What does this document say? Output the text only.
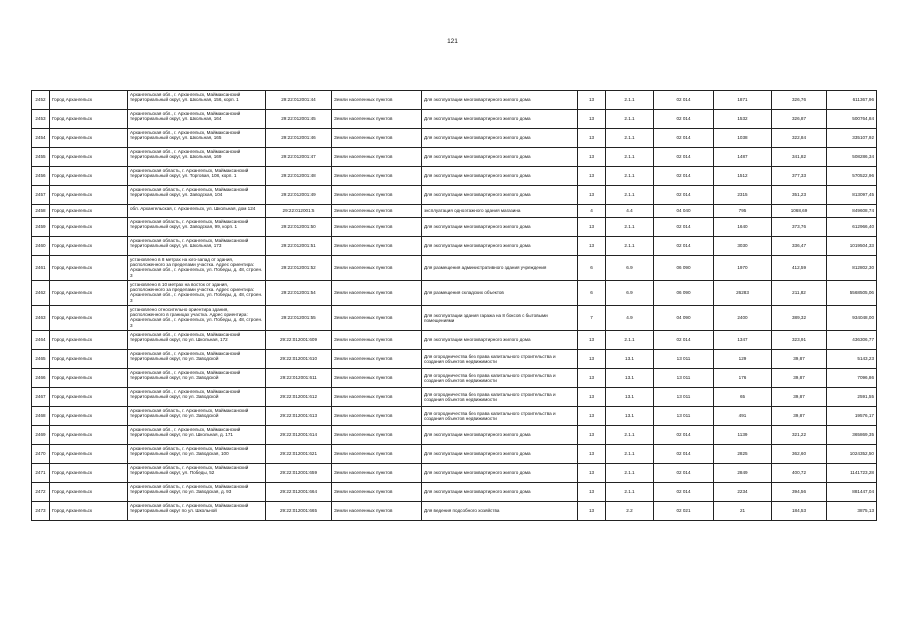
121
2452	Город Архангельск	Архангельская обл., г. Архангельск, Маймаксанский территориальный округ, ул. Школьная, 156, корп. 1	29:22:012001:44	Земли населенных пунктов	Для эксплуатации многоквартирного жилого дома	13	2.1.1	02 014	1871	326,76	611367,96
2453	Город Архангельск	Архангельская обл., г. Архангельск, Маймаксанский территориальный округ, ул. Школьная, 164	29:22:012001:45	Земли населенных пунктов	Для эксплуатации многоквартирного жилого дома	13	2.1.1	02 014	1532	326,87	500764,84
2454	Город Архангельск	Архангельская обл., г. Архангельск, Маймаксанский территориальный округ, ул. Школьная, 165	29:22:012001:46	Земли населенных пунктов	Для эксплуатации многоквартирного жилого дома	13	2.1.1	02 014	1038	322,84	335107,92
2455	Город Архангельск	Архангельская обл., г. Архангельск, Маймаксанский территориальный округ, ул. Школьная, 169	29:22:012001:47	Земли населенных пунктов	Для эксплуатации многоквартирного жилого дома	13	2.1.1	02 014	1487	341,82	508286,34
2456	Город Архангельск	Архангельская область, г. Архангельск, Маймаксанский территориальный округ, ул. Торговая, 108, корп. 1	29:22:012001:48	Земли населенных пунктов	Для эксплуатации многоквартирного жилого дома	13	2.1.1	02 014	1512	377,33	570522,96
2457	Город Архангельск	Архангельская область, г. Архангельск, Маймаксанский территориальный округ, ул. Заводская, 104	29:22:012001:49	Земли населенных пунктов	Для эксплуатации многоквартирного жилого дома	13	2.1.1	02 014	2315	351,23	813097,45
2458	Город Архангельск	обл. Архангельская, г. Архангельск, ул. Школьная, дом 124	29:22:012001:5	Земли населенных пунктов	эксплуатация одноэтажного здания магазина	4	4.4	04 040	795	1068,69	849608,74
2459	Город Архангельск	Архангельская область, г. Архангельск, Маймаксанский территориальный округ, ул. Заводская, 99, корп. 1	29:22:012001:50	Земли населенных пунктов	Для эксплуатации многоквартирного жилого дома	13	2.1.1	02 014	1640	373,76	612966,40
2460	Город Архангельск	Архангельская область, г. Архангельск, Маймаксанский территориальный округ, ул. Школьная, 173	29:22:012001:51	Земли населенных пунктов	Для эксплуатации многоквартирного жилого дома	13	2.1.1	02 014	3030	336,47	1019504,33
2461	Город Архангельск	установлено в 8 метрах на юго-запад от здания, расположенного за пределами участка. Адрес ориентира: Архангельская обл., г. Архангельск, ул. Победы, д. 48, строен. 3	29:22:012001:52	Земли населенных пунктов	Для размещения административного здания учреждения	6	6.9	06 090	1970	412,59	812802,30
2462	Город Архангельск	установлено в 10 метрах на восток от здания, расположенного за пределами участка. Адрес ориентира: Архангельская обл., г. Архангельск, ул. Победы, д. 48, строен. 3	29:22:012001:54	Земли населенных пунктов	Для размещения складских объектов	6	6.9	06 090	26283	211,82	5568505,06
2463	Город Архангельск	установлено относительно ориентира здания, расположенного в границах участка. Адрес ориентира: Архангельская обл., г. Архангельск, ул. Победы, д. 48, строен. 3	29:22:012001:55	Земли населенных пунктов	Для эксплуатации здания гаража на 8 боксов с бытовыми помещениями	7	4.9	04 090	2400	389,32	934048,00
2464	Город Архангельск	Архангельская обл., г. Архангельск, Маймаксанский территориальный округ, по ул. Школьная, 172	29:22:012001:609	Земли населенных пунктов	Для эксплуатации многоквартирного жилого дома	13	2.1.1	02 014	1347	323,91	436306,77
2465	Город Архангельск	Архангельская обл., г. Архангельск, Маймаксанский территориальный округ, по ул. Заводской	29:22:012001:610	Земли населенных пунктов	Для огородничества без права капитального строительства и создания объектов недвижимости	13	13.1	13 011	129	39,87	5143,23
2466	Город Архангельск	Архангельская обл., г. Архангельск, Маймаксанский территориальный округ, по ул. Заводской	29:22:012001:611	Земли населенных пунктов	Для огородничества без права капитального строительства и создания объектов недвижимости	13	13.1	13 011	176	39,87	7096,86
2467	Город Архангельск	Архангельская обл., г. Архангельск, Маймаксанский территориальный округ, по ул. Заводской	29:22:012001:612	Земли населенных пунктов	Для огородничества без права капитального строительства и создания объектов недвижимости	13	13.1	13 011	65	39,87	2591,55
2468	Город Архангельск	Архангельская область, г. Архангельск, Маймаксанский территориальный округ, по ул. Заводской	29:22:012001:613	Земли населенных пунктов	Для огородничества без права капитального строительства и создания объектов недвижимости	13	13.1	13 011	491	39,87	19576,17
2469	Город Архангельск	Архангельская обл., г. Архангельск, Маймаксанский территориальный округ, по ул. Школьная, д. 171	29:22:012001:614	Земли населенных пунктов	Для эксплуатации многоквартирного жилого дома	13	2.1.1	02 014	1139	321,22	365869,35
2470	Город Архангельск	Архангельская область, г. Архангельск, Маймаксанский территориальный округ, по ул. Заводская, 100	29:22:012001:621	Земли населенных пунктов	Для эксплуатации многоквартирного жилого дома	13	2.1.1	02 014	2825	362,60	1024352,50
2471	Город Архангельск	Архангельская область, г. Архангельск, Маймаксанский территориальный округ, ул. Победы, 52	29:22:012001:659	Земли населенных пунктов	Для эксплуатации многоквартирного жилого дома	13	2.1.1	02 014	2849	400,72	1141723,28
2472	Город Архангельск	Архангельская область, г. Архангельск, Маймаксанский территориальный округ, по ул. Заводская, д. 93	29:22:012001:664	Земли населенных пунктов	Для эксплуатации многоквартирного жилого дома	13	2.1.1	02 014	2234	394,56	881447,04
2473	Город Архангельск	Архангельская область, г. Архангельск, Маймаксанский территориальный округ по ул. Школьной	29:22:012001:665	Земли населенных пунктов	Для ведения подсобного хозяйства	13	2.2	02 021	21	184,53	3875,13
